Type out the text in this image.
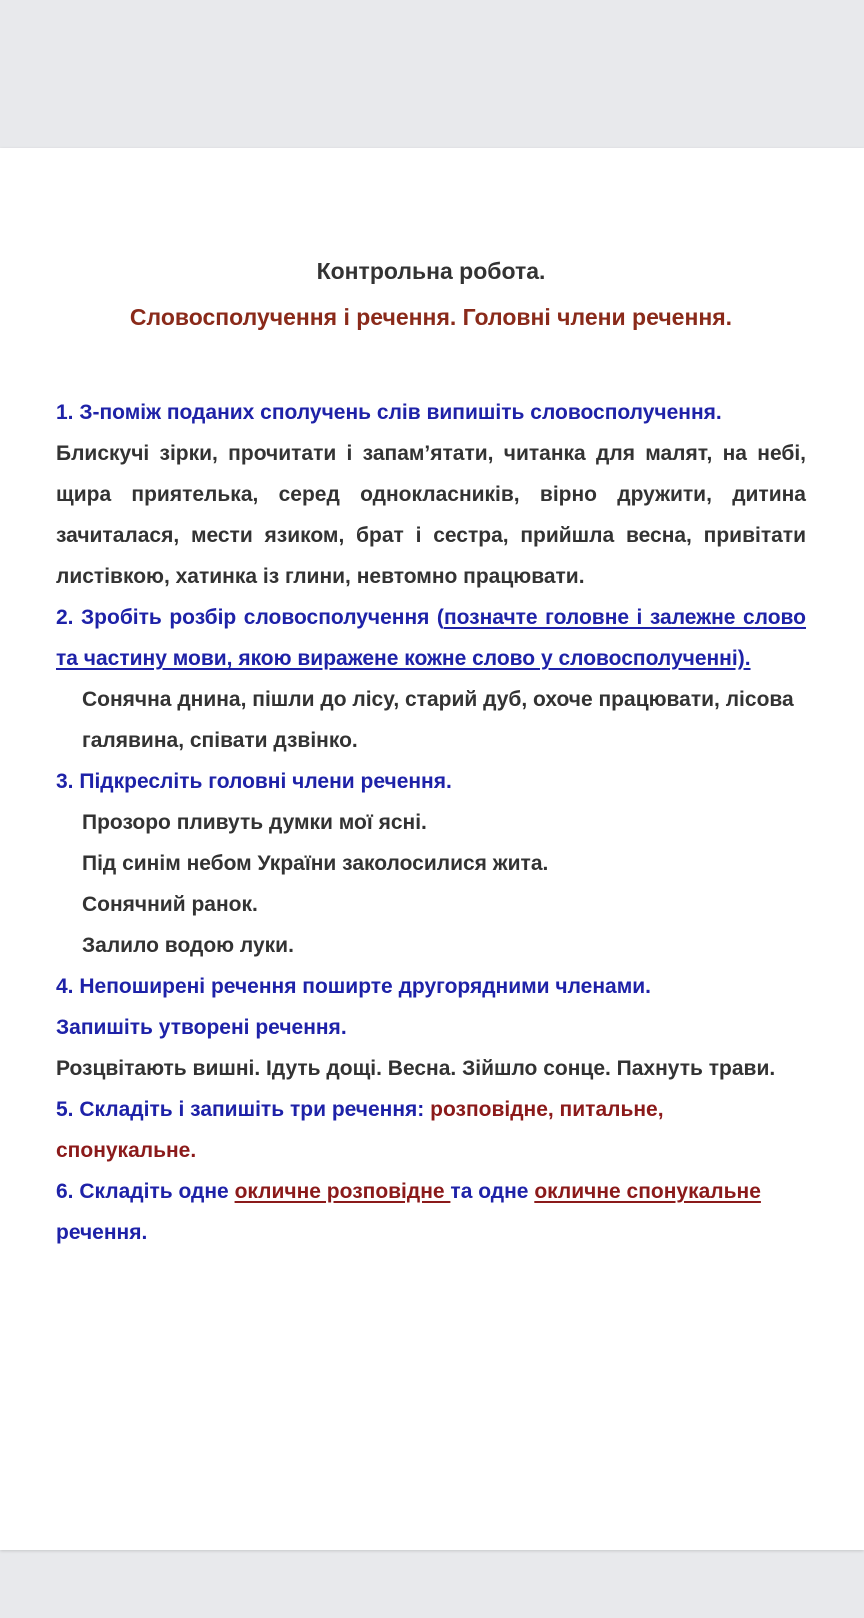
Контрольна робота.

Словосполучення і речення. Головні члени речення.

1. З-поміж поданих сполучень слів випишіть словосполучення.

Блискучі зірки, прочитати і запам’ятати, читанка для малят, на небі, щира приятелька, серед однокласників, вірно дружити, дитина зачиталася, мести язиком, брат і сестра, прийшла весна, привітати листівкою, хатинка із глини, невтомно працювати.

2. Зробіть розбір словосполучення (позначте головне і залежне слово та частину мови, якою виражене кожне слово у словосполученні).

Сонячна днина, пішли до лісу, старий дуб, охоче працювати, лісова галявина, співати дзвінко.

3. Підкресліть головні члени речення.

Прозоро пливуть думки мої ясні.

Під синім небом України заколосилися жита.

Сонячний ранок.

Залило водою луки.

4. Непоширені речення поширте другорядними членами.

Запишіть утворені речення.

Розцвітають вишні. Ідуть дощі. Весна. Зійшло сонце. Пахнуть трави.

5. Складіть і запишіть три речення: розповідне, питальне, спонукальне.

6. Складіть одне окличне розповідне та одне окличне спонукальне речення.
